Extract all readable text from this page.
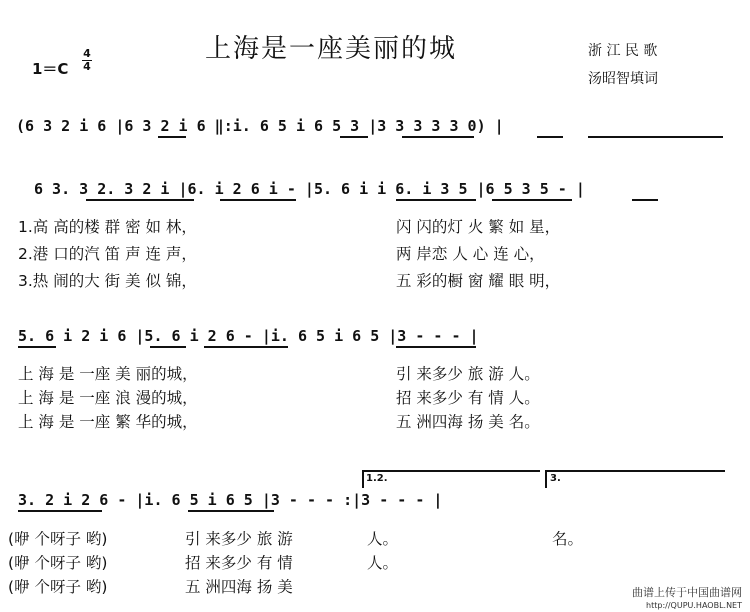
上海是一座美丽的城	浙 江 民 歌
汤昭智填词
1＝C
4
4
(6 3 2 i 6 |6 3 2 i 6 ‖:i. 6 5 i 6 5 3 |3 3 3 3 3 0) |
6 3. 3 2. 3 2 i |6. i 2 6 i - |5. 6 i i 6. i 3 5 |6 5 3 5 - |
1.高 高的楼 群 密 如 林，
2.港 口的汽 笛 声 连 声，
3.热 闹的大 街 美 似 锦，
闪 闪的灯 火 繁 如 星，
两 岸恋 人 心 连 心，
五 彩的橱 窗 耀 眼 明，
5. 6 i 2 i 6 |5. 6 i 2 6 - |i. 6 5 i 6 5 |3 - - - |
上 海 是 一座 美 丽的城，
上 海 是 一座 浪 漫的城，
上 海 是 一座 繁 华的城，
引 来多少 旅 游 人。
招 来多少 有 情 人。
五 洲四海 扬 美 名。
1.2.	3.
3. 2 i 2 6 - |i. 6 5 i 6 5 |3 - - - :|3 - - - |
(咿 个呀子 哟)
(咿 个呀子 哟)
(咿 个呀子 哟)
引 来多少 旅 游
招 来多少 有 情
五 洲四海 扬 美
人。
人。
名。
曲谱上传于中国曲谱网
http://QUPU.HAOBL.NET
